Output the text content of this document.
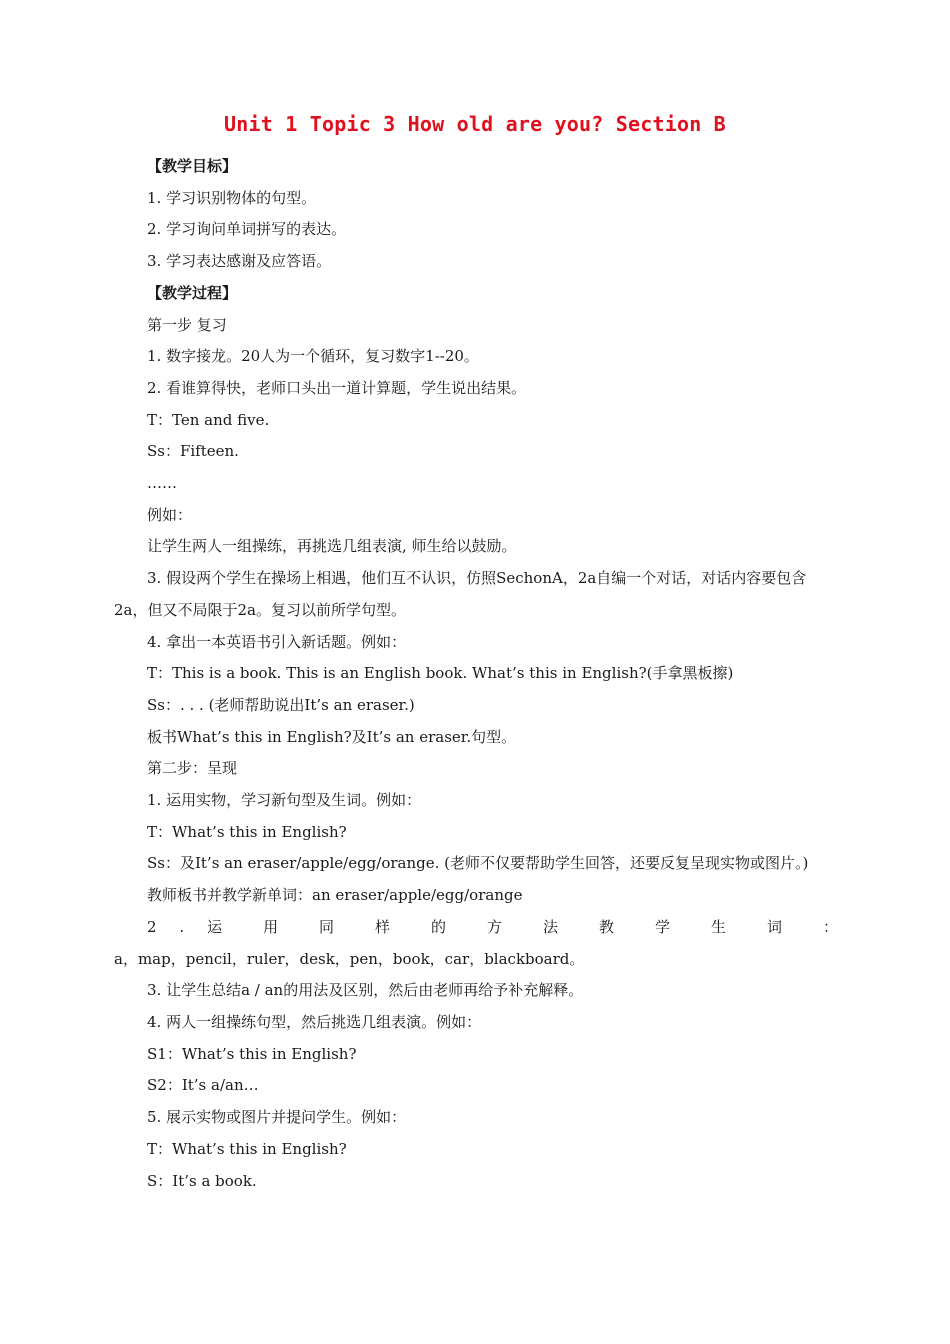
Unit 1 Topic 3 How old are you? Section B
【教学目标】
1. 学习识别物体的句型。
2. 学习询问单词拼写的表达。
3. 学习表达感谢及应答语。
【教学过程】
第一步 复习
1. 数字接龙。20人为一个循环，复习数字1--20。
2. 看谁算得快，老师口头出一道计算题，学生说出结果。
T：Ten and five.
Ss：Fifteen.
……
例如：
让学生两人一组操练，再挑选几组表演, 师生给以鼓励。
3. 假设两个学生在操场上相遇，他们互不认识，仿照SechonA，2a自编一个对话，对话内容要包含2a，但又不局限于2a。复习以前所学句型。
4. 拿出一本英语书引入新话题。例如：
T：This is a book. This is an English book. What’s this in English?(手拿黑板擦)
Ss：. . . (老师帮助说出It’s an eraser.)
板书What’s this in English?及It’s an eraser.句型。
第二步：呈现
1. 运用实物，学习新句型及生词。例如：
T：What’s this in English?
Ss：及It’s an eraser/apple/egg/orange. (老师不仅要帮助学生回答，还要反复呈现实物或图片。)
教师板书并教学新单词：an eraser/apple/egg/orange
2 . 运 用 同 样 的 方 法 教 学 生 词 ：
a，map，pencil，ruler，desk，pen，book，car，blackboard。
3. 让学生总结a / an的用法及区别，然后由老师再给予补充解释。
4. 两人一组操练句型，然后挑选几组表演。例如：
S1：What’s this in English?
S2：It’s a/an…
5. 展示实物或图片并提问学生。例如：
T：What’s this in English?
S：It’s a book.
